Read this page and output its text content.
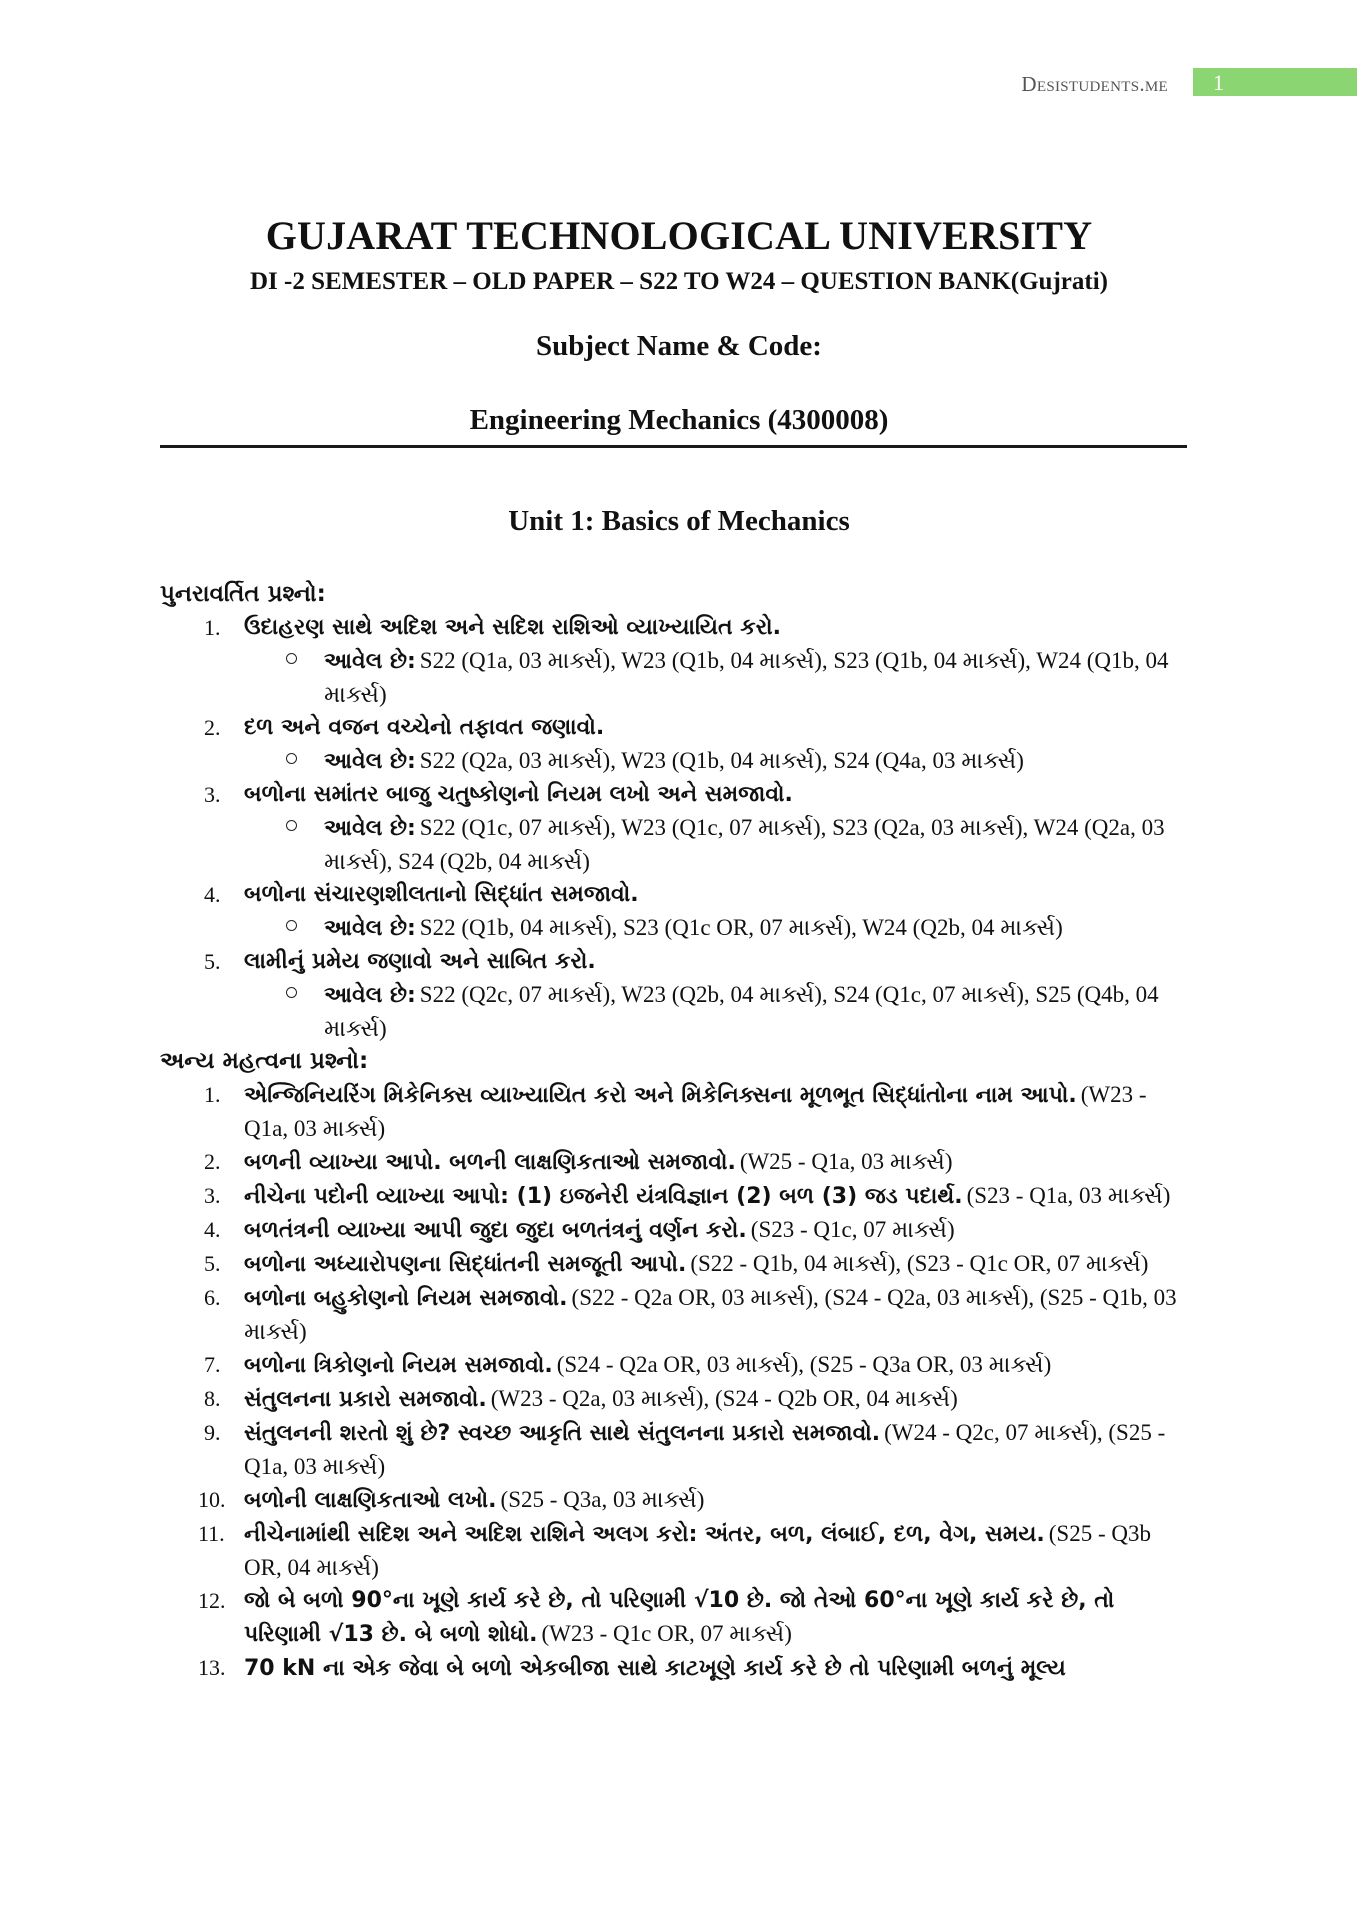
Desistudents.me 1
GUJARAT TECHNOLOGICAL UNIVERSITY
DI -2 SEMESTER – OLD PAPER – S22 TO W24 – QUESTION BANK(Gujrati)
Subject Name & Code:
Engineering Mechanics (4300008)
Unit 1: Basics of Mechanics
પુનરાવર્તિત પ્રશ્નો:
1. ઉદાહરણ સાથે અદિશ અને સદિશ રાશિઓ વ્યાખ્યાયિત કરો.
આવેલ છે: S22 (Q1a, 03 માર્ક્સ), W23 (Q1b, 04 માર્ક્સ), S23 (Q1b, 04 માર્ક્સ), W24 (Q1b, 04 માર્ક્સ)
2. દળ અને વજન વચ્ચેનો તફાવત જણાવો.
આવેલ છે: S22 (Q2a, 03 માર્ક્સ), W23 (Q1b, 04 માર્ક્સ), S24 (Q4a, 03 માર્ક્સ)
3. બળોના સમાંતર બાજુ ચતુષ્કોણનો નિયમ લખો અને સમજાવો.
આવેલ છે: S22 (Q1c, 07 માર્ક્સ), W23 (Q1c, 07 માર્ક્સ), S23 (Q2a, 03 માર્ક્સ), W24 (Q2a, 03 માર્ક્સ), S24 (Q2b, 04 માર્ક્સ)
4. બળોના સંચારણશીલતાનો સિદ્ધાંત સમજાવો.
આવેલ છે: S22 (Q1b, 04 માર્ક્સ), S23 (Q1c OR, 07 માર્ક્સ), W24 (Q2b, 04 માર્ક્સ)
5. લામીનું પ્રમેય જણાવો અને સાબિત કરો.
આવેલ છે: S22 (Q2c, 07 માર્ક્સ), W23 (Q2b, 04 માર્ક્સ), S24 (Q1c, 07 માર્ક્સ), S25 (Q4b, 04 માર્ક્સ)
અન્ય મહત્વના પ્રશ્નો:
1. એન્જિનિયરિંગ મિકેનિક્સ વ્યાખ્યાયિત કરો અને મિકેનિક્સના મૂળભૂત સિદ્ધાંતોના નામ આપો. (W23 - Q1a, 03 માર્ક્સ)
2. બળની વ્યાખ્યા આપો. બળની લાક્ષણિકતાઓ સમજાવો. (W25 - Q1a, 03 માર્ક્સ)
3. નીચેના પદોની વ્યાખ્યા આપો: (1) ઇજનેરી યંત્રવિજ્ઞાન (2) બળ (3) જડ પદાર્થ. (S23 - Q1a, 03 માર્ક્સ)
4. બળતંત્રની વ્યાખ્યા આપી જુદા જુદા બળતંત્રનું વર્ણન કરો. (S23 - Q1c, 07 માર્ક્સ)
5. બળોના અધ્યારોપણના સિદ્ધાંતની સમજૂતી આપો. (S22 - Q1b, 04 માર્ક્સ), (S23 - Q1c OR, 07 માર્ક્સ)
6. બળોના બહુકોણનો નિયમ સમજાવો. (S22 - Q2a OR, 03 માર્ક્સ), (S24 - Q2a, 03 માર્ક્સ), (S25 - Q1b, 03 માર્ક્સ)
7. બળોના ત્રિકોણનો નિયમ સમજાવો. (S24 - Q2a OR, 03 માર્ક્સ), (S25 - Q3a OR, 03 માર્ક્સ)
8. સંતુલનના પ્રકારો સમજાવો. (W23 - Q2a, 03 માર્ક્સ), (S24 - Q2b OR, 04 માર્ક્સ)
9. સંતુલનની શરતો શું છે? સ્વચ્છ આકૃતિ સાથે સંતુલનના પ્રકારો સમજાવો. (W24 - Q2c, 07 માર્ક્સ), (S25 - Q1a, 03 માર્ક્સ)
10. બળોની લાક્ષણિકતાઓ લખો. (S25 - Q3a, 03 માર્ક્સ)
11. નીચેનામાંથી સદિશ અને અદિશ રાશિને અલગ કરો: અંતર, બળ, લંબાઈ, દળ, વેગ, સમય. (S25 - Q3b OR, 04 માર્ક્સ)
12. જો બે બળો 90°ના ખૂણે કાર્ય કરે છે, તો પરિણામી √10 છે. જો તેઓ 60°ના ખૂણે કાર્ય કરે છે, તો પરિણામી √13 છે. બે બળો શોધો. (W23 - Q1c OR, 07 માર્ક્સ)
13. 70 kN ના એક જેવા બે બળો એકબીજા સાથે કાટખૂણે કાર્ય કરે છે તો પરિણામી બળનું મૂલ્ય
